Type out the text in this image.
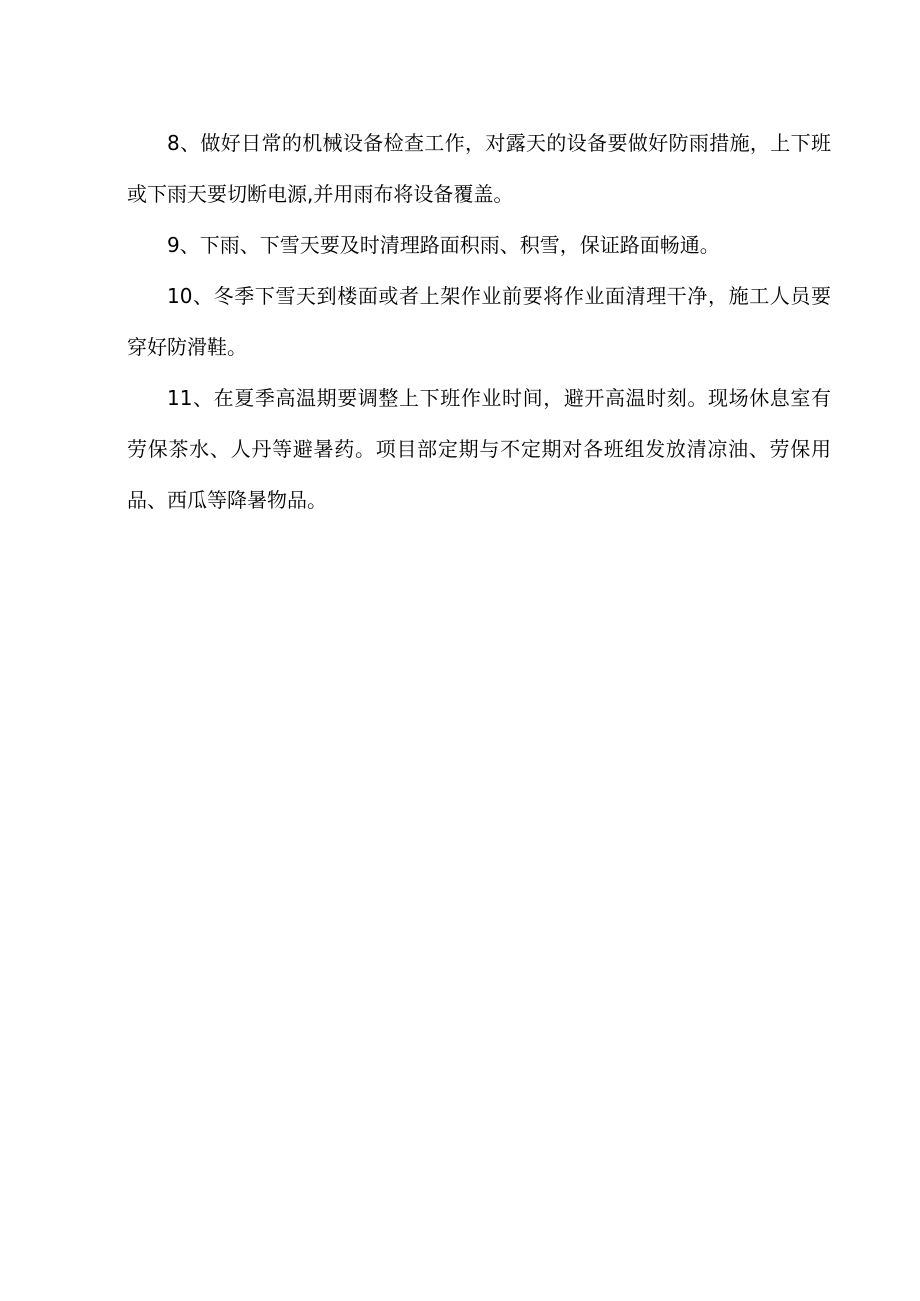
8、做好日常的机械设备检查工作，对露天的设备要做好防雨措施，上下班或下雨天要切断电源,并用雨布将设备覆盖。

9、下雨、下雪天要及时清理路面积雨、积雪，保证路面畅通。

10、冬季下雪天到楼面或者上架作业前要将作业面清理干净，施工人员要穿好防滑鞋。

11、在夏季高温期要调整上下班作业时间，避开高温时刻。现场休息室有劳保茶水、人丹等避暑药。项目部定期与不定期对各班组发放清凉油、劳保用品、西瓜等降暑物品。
